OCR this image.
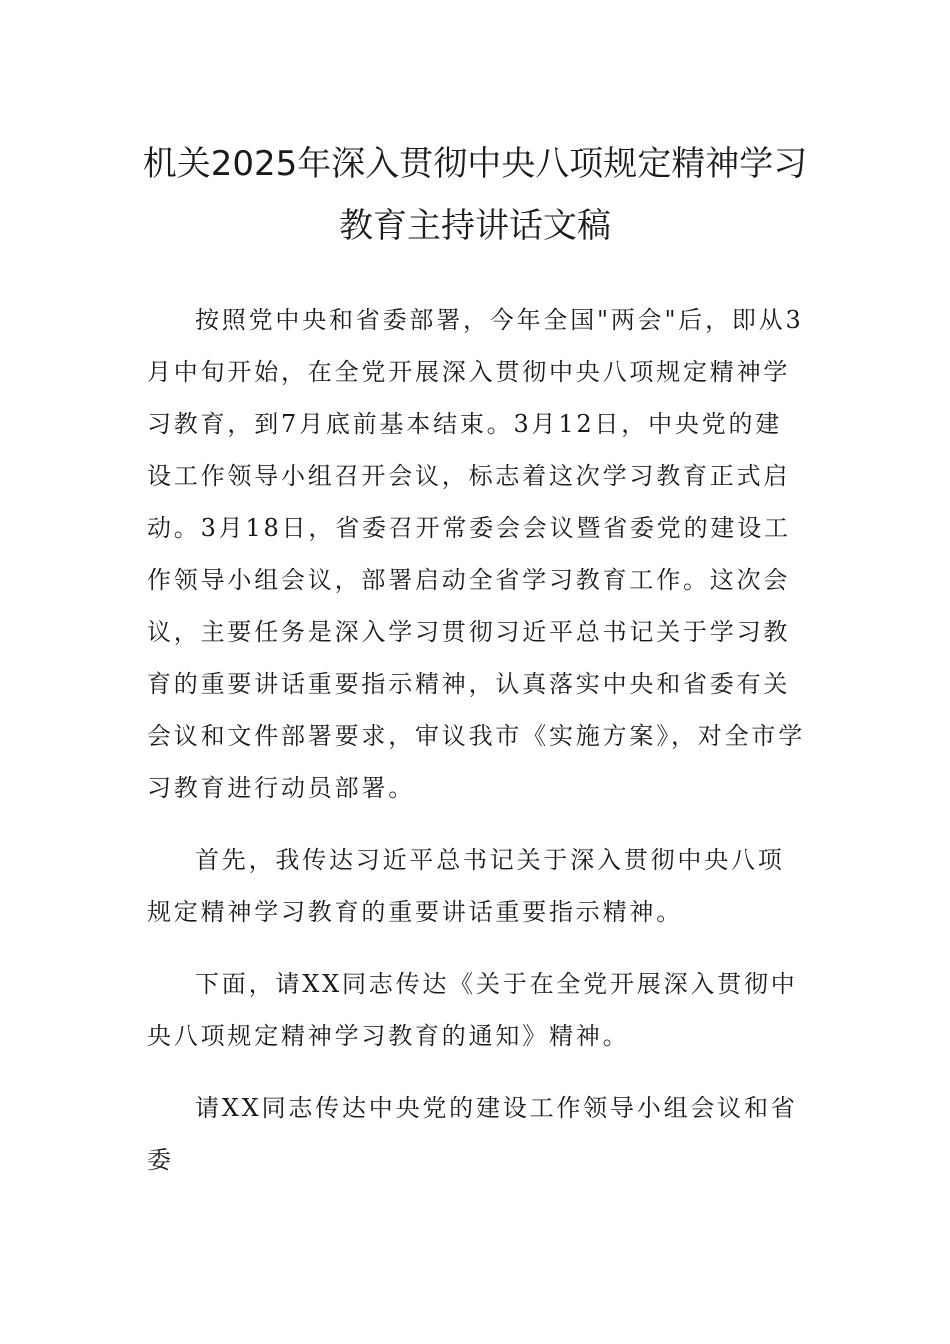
机关2025年深入贯彻中央八项规定精神学习教育主持讲话文稿

按照党中央和省委部署，今年全国"两会"后，即从3月中旬开始，在全党开展深入贯彻中央八项规定精神学习教育，到7月底前基本结束。3月12日，中央党的建设工作领导小组召开会议，标志着这次学习教育正式启动。3月18日，省委召开常委会会议暨省委党的建设工作领导小组会议，部署启动全省学习教育工作。这次会议，主要任务是深入学习贯彻习近平总书记关于学习教育的重要讲话重要指示精神，认真落实中央和省委有关会议和文件部署要求，审议我市《实施方案》，对全市学习教育进行动员部署。

首先，我传达习近平总书记关于深入贯彻中央八项规定精神学习教育的重要讲话重要指示精神。

下面，请XX同志传达《关于在全党开展深入贯彻中央八项规定精神学习教育的通知》精神。

请XX同志传达中央党的建设工作领导小组会议和省委
